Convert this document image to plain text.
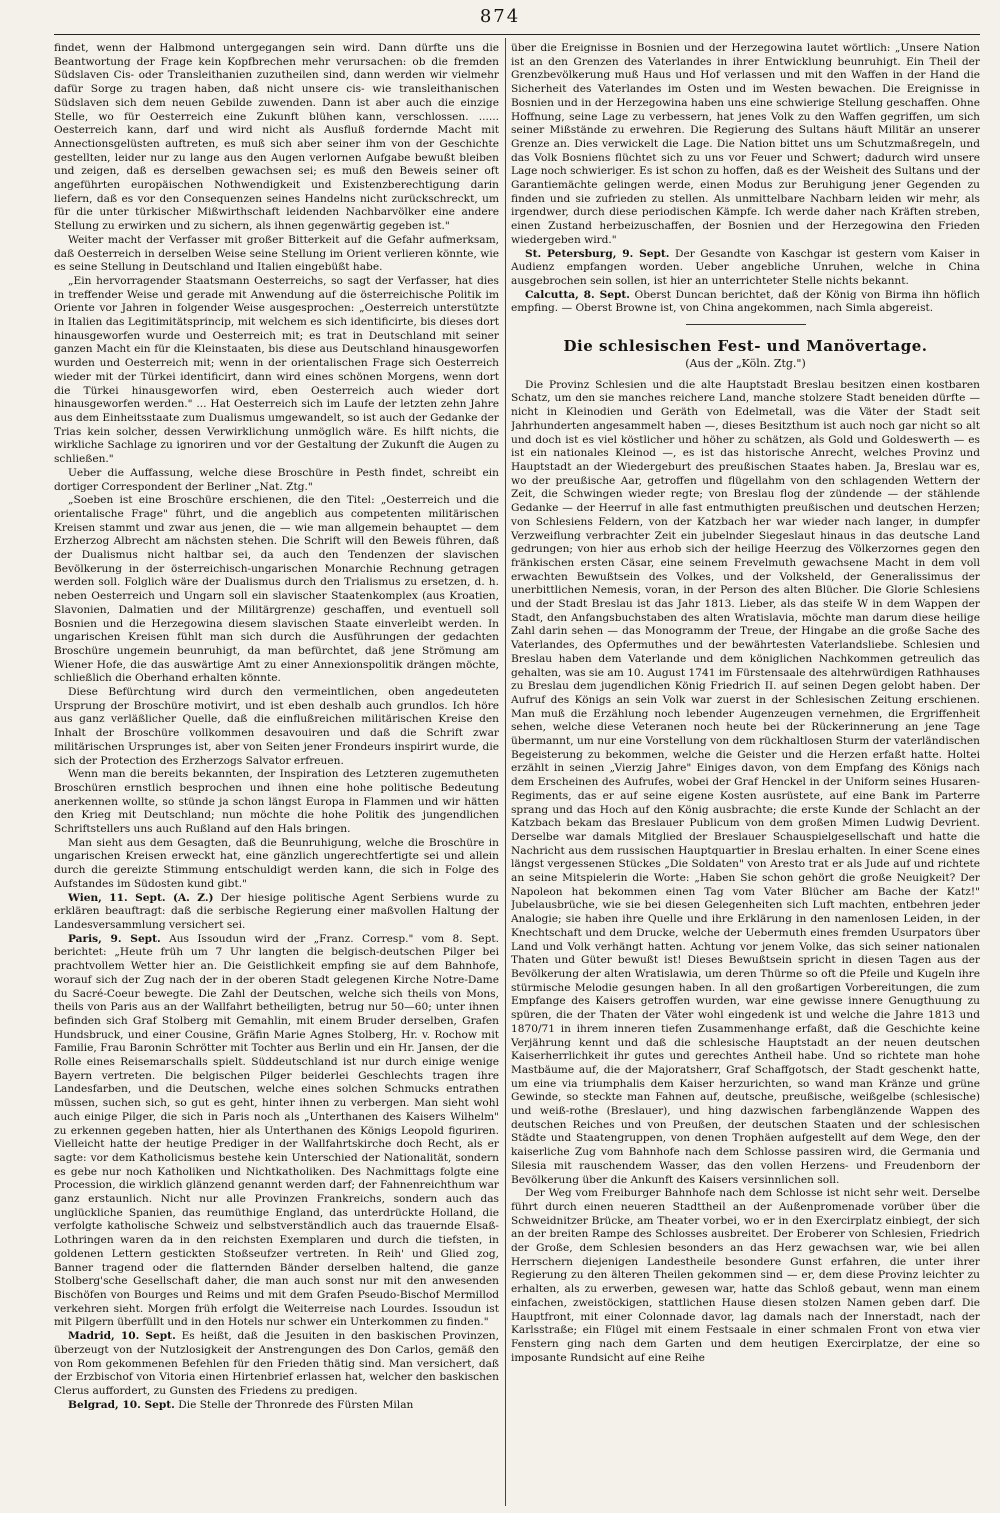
874

findet, wenn der Halbmond untergegangen sein wird. Dann dürfte uns die Beantwortung der Frage kein Kopfbrechen mehr verursachen: ob die fremden Südslaven Cis- oder Transleithanien zuzutheilen sind, dann werden wir vielmehr dafür Sorge zu tragen haben, daß nicht unsere cis- wie transleithanischen Südslaven sich dem neuen Gebilde zuwenden. Dann ist aber auch die einzige Stelle, wo für Oesterreich eine Zukunft blühen kann, verschlossen. ...... Oesterreich kann, darf und wird nicht als Ausfluß fordernde Macht mit Annectionsgelüsten auftreten, es muß sich aber seiner ihm von der Geschichte gestellten, leider nur zu lange aus den Augen verlornen Aufgabe bewußt bleiben und zeigen, daß es derselben gewachsen sei; es muß den Beweis seiner oft angeführten europäischen Nothwendigkeit und Existenzberechtigung darin liefern, daß es vor den Consequenzen seines Handelns nicht zurückschreckt, um für die unter türkischer Mißwirthschaft leidenden Nachbarvölker eine andere Stellung zu erwirken und zu sichern, als ihnen gegenwärtig gegeben ist."

Weiter macht der Verfasser mit großer Bitterkeit auf die Gefahr aufmerksam, daß Oesterreich in derselben Weise seine Stellung im Orient verlieren könnte, wie es seine Stellung in Deutschland und Italien eingebüßt habe.

„Ein hervorragender Staatsmann Oesterreichs, so sagt der Verfasser, hat dies in treffender Weise und gerade mit Anwendung auf die österreichische Politik im Oriente vor Jahren in folgender Weise ausgesprochen: „Oesterreich unterstützte in Italien das Legitimitätsprincip, mit welchem es sich identificirte, bis dieses dort hinausgeworfen wurde und Oesterreich mit; es trat in Deutschland mit seiner ganzen Macht ein für die Kleinstaaten, bis diese aus Deutschland hinausgeworfen wurden und Oesterreich mit; wenn in der orientalischen Frage sich Oesterreich wieder mit der Türkei identificirt, dann wird eines schönen Morgens, wenn dort die Türkei hinausgeworfen wird, eben Oesterreich auch wieder dort hinausgeworfen werden." ... Hat Oesterreich sich im Laufe der letzten zehn Jahre aus dem Einheitsstaate zum Dualismus umgewandelt, so ist auch der Gedanke der Trias kein solcher, dessen Verwirklichung unmöglich wäre. Es hilft nichts, die wirkliche Sachlage zu ignoriren und vor der Gestaltung der Zukunft die Augen zu schließen."

Ueber die Auffassung, welche diese Broschüre in Pesth findet, schreibt ein dortiger Correspondent der Berliner „Nat. Ztg."

„Soeben ist eine Broschüre erschienen, die den Titel: „Oesterreich und die orientalische Frage" führt, und die angeblich aus competenten militärischen Kreisen stammt und zwar aus jenen, die — wie man allgemein behauptet — dem Erzherzog Albrecht am nächsten stehen. Die Schrift will den Beweis führen, daß der Dualismus nicht haltbar sei, da auch den Tendenzen der slavischen Bevölkerung in der österreichisch-ungarischen Monarchie Rechnung getragen werden soll. Folglich wäre der Dualismus durch den Trialismus zu ersetzen, d. h. neben Oesterreich und Ungarn soll ein slavischer Staatenkomplex (aus Kroatien, Slavonien, Dalmatien und der Militärgrenze) geschaffen, und eventuell soll Bosnien und die Herzegowina diesem slavischen Staate einverleibt werden. In ungarischen Kreisen fühlt man sich durch die Ausführungen der gedachten Broschüre ungemein beunruhigt, da man befürchtet, daß jene Strömung am Wiener Hofe, die das auswärtige Amt zu einer Annexionspolitik drängen möchte, schließlich die Oberhand erhalten könnte.

Diese Befürchtung wird durch den vermeintlichen, oben angedeuteten Ursprung der Broschüre motivirt, und ist eben deshalb auch grundlos. Ich höre aus ganz verläßlicher Quelle, daß die einflußreichen militärischen Kreise den Inhalt der Broschüre vollkommen desavouiren und daß die Schrift zwar militärischen Ursprunges ist, aber von Seiten jener Frondeurs inspirirt wurde, die sich der Protection des Erzherzogs Salvator erfreuen.

Wenn man die bereits bekannten, der Inspiration des Letzteren zugemutheten Broschüren ernstlich besprochen und ihnen eine hohe politische Bedeutung anerkennen wollte, so stünde ja schon längst Europa in Flammen und wir hätten den Krieg mit Deutschland; nun möchte die hohe Politik des jungendlichen Schriftstellers uns auch Rußland auf den Hals bringen.

Man sieht aus dem Gesagten, daß die Beunruhigung, welche die Broschüre in ungarischen Kreisen erweckt hat, eine gänzlich ungerechtfertigte sei und allein durch die gereizte Stimmung entschuldigt werden kann, die sich in Folge des Aufstandes im Südosten kund gibt."

Wien, 11. Sept. (A. Z.) Der hiesige politische Agent Serbiens wurde zu erklären beauftragt: daß die serbische Regierung einer maßvollen Haltung der Landesversammlung versichert sei.

Paris, 9. Sept. Aus Issoudun wird der „Franz. Corresp." vom 8. Sept. berichtet: „Heute früh um 7 Uhr langten die belgisch-deutschen Pilger bei prachtvollem Wetter hier an. Die Geistlichkeit empfing sie auf dem Bahnhofe, worauf sich der Zug nach der in der oberen Stadt gelegenen Kirche Notre-Dame du Sacré-Coeur bewegte. Die Zahl der Deutschen, welche sich theils von Mons, theils von Paris aus an der Wallfahrt betheiligten, betrug nur 50—60; unter ihnen befinden sich Graf Stolberg mit Gemahlin, mit einem Bruder derselben, Grafen Hundsbruck, und einer Cousine, Gräfin Marie Agnes Stolberg, Hr. v. Rochow mit Familie, Frau Baronin Schrötter mit Tochter aus Berlin und ein Hr. Jansen, der die Rolle eines Reisemarschalls spielt. Süddeutschland ist nur durch einige wenige Bayern vertreten. Die belgischen Pilger beiderlei Geschlechts tragen ihre Landesfarben, und die Deutschen, welche eines solchen Schmucks entrathen müssen, suchen sich, so gut es geht, hinter ihnen zu verbergen. Man sieht wohl auch einige Pilger, die sich in Paris noch als „Unterthanen des Kaisers Wilhelm" zu erkennen gegeben hatten, hier als Unterthanen des Königs Leopold figuriren. Vielleicht hatte der heutige Prediger in der Wallfahrtskirche doch Recht, als er sagte: vor dem Katholicismus bestehe kein Unterschied der Nationalität, sondern es gebe nur noch Katholiken und Nichtkatholiken. Des Nachmittags folgte eine Procession, die wirklich glänzend genannt werden darf; der Fahnenreichthum war ganz erstaunlich. Nicht nur alle Provinzen Frankreichs, sondern auch das unglückliche Spanien, das reumüthige England, das unterdrückte Holland, die verfolgte katholische Schweiz und selbstverständlich auch das trauernde Elsaß-Lothringen waren da in den reichsten Exemplaren und durch die tiefsten, in goldenen Lettern gestickten Stoßseufzer vertreten. In Reih' und Glied zog, Banner tragend oder die flatternden Bänder derselben haltend, die ganze Stolberg'sche Gesellschaft daher, die man auch sonst nur mit den anwesenden Bischöfen von Bourges und Reims und mit dem Grafen Pseudo-Bischof Mermillod verkehren sieht. Morgen früh erfolgt die Weiterreise nach Lourdes. Issoudun ist mit Pilgern überfüllt und in den Hotels nur schwer ein Unterkommen zu finden."

Madrid, 10. Sept. Es heißt, daß die Jesuiten in den baskischen Provinzen, überzeugt von der Nutzlosigkeit der Anstrengungen des Don Carlos, gemäß den von Rom gekommenen Befehlen für den Frieden thätig sind. Man versichert, daß der Erzbischof von Vitoria einen Hirtenbrief erlassen hat, welcher den baskischen Clerus auffordert, zu Gunsten des Friedens zu predigen.

Belgrad, 10. Sept. Die Stelle der Thronrede des Fürsten Milan

über die Ereignisse in Bosnien und der Herzegowina lautet wörtlich: „Unsere Nation ist an den Grenzen des Vaterlandes in ihrer Entwicklung beunruhigt. Ein Theil der Grenzbevölkerung muß Haus und Hof verlassen und mit den Waffen in der Hand die Sicherheit des Vaterlandes im Osten und im Westen bewachen. Die Ereignisse in Bosnien und in der Herzegowina haben uns eine schwierige Stellung geschaffen. Ohne Hoffnung, seine Lage zu verbessern, hat jenes Volk zu den Waffen gegriffen, um sich seiner Mißstände zu erwehren. Die Regierung des Sultans häuft Militär an unserer Grenze an. Dies verwickelt die Lage. Die Nation bittet uns um Schutzmaßregeln, und das Volk Bosniens flüchtet sich zu uns vor Feuer und Schwert; dadurch wird unsere Lage noch schwieriger. Es ist schon zu hoffen, daß es der Weisheit des Sultans und der Garantiemächte gelingen werde, einen Modus zur Beruhigung jener Gegenden zu finden und sie zufrieden zu stellen. Als unmittelbare Nachbarn leiden wir mehr, als irgendwer, durch diese periodischen Kämpfe. Ich werde daher nach Kräften streben, einen Zustand herbeizuschaffen, der Bosnien und der Herzegowina den Frieden wiedergeben wird."

St. Petersburg, 9. Sept. Der Gesandte von Kaschgar ist gestern vom Kaiser in Audienz empfangen worden. Ueber angebliche Unruhen, welche in China ausgebrochen sein sollen, ist hier an unterrichteter Stelle nichts bekannt.

Calcutta, 8. Sept. Oberst Duncan berichtet, daß der König von Birma ihn höflich empfing. — Oberst Browne ist, von China angekommen, nach Simla abgereist.

Die schlesischen Fest- und Manövertage.
(Aus der „Köln. Ztg.")

Die Provinz Schlesien und die alte Hauptstadt Breslau besitzen einen kostbaren Schatz, um den sie manches reichere Land, manche stolzere Stadt beneiden dürfte — nicht in Kleinodien und Geräth von Edelmetall, was die Väter der Stadt seit Jahrhunderten angesammelt haben —, dieses Besitzthum ist auch noch gar nicht so alt und doch ist es viel köstlicher und höher zu schätzen, als Gold und Goldeswerth — es ist ein nationales Kleinod —, es ist das historische Anrecht, welches Provinz und Hauptstadt an der Wiedergeburt des preußischen Staates haben. Ja, Breslau war es, wo der preußische Aar, getroffen und flügellahm von den schlagenden Wettern der Zeit, die Schwingen wieder regte; von Breslau flog der zündende — der stählende Gedanke — der Heerruf in alle fast entmuthigten preußischen und deutschen Herzen; von Schlesiens Feldern, von der Katzbach her war wieder nach langer, in dumpfer Verzweiflung verbrachter Zeit ein jubelnder Siegeslaut hinaus in das deutsche Land gedrungen; von hier aus erhob sich der heilige Heerzug des Völkerzornes gegen den fränkischen ersten Cäsar, eine seinem Frevelmuth gewachsene Macht in dem voll erwachten Bewußtsein des Volkes, und der Volksheld, der Generalissimus der unerbittlichen Nemesis, voran, in der Person des alten Blücher. Die Glorie Schlesiens und der Stadt Breslau ist das Jahr 1813. Lieber, als das steife W in dem Wappen der Stadt, den Anfangsbuchstaben des alten Wratislavia, möchte man darum diese heilige Zahl darin sehen — das Monogramm der Treue, der Hingabe an die große Sache des Vaterlandes, des Opfermuthes und der bewährtesten Vaterlandsliebe. Schlesien und Breslau haben dem Vaterlande und dem königlichen Nachkommen getreulich das gehalten, was sie am 10. August 1741 im Fürstensaale des altehrwürdigen Rathhauses zu Breslau dem jugendlichen König Friedrich II. auf seinen Degen gelobt haben. Der Aufruf des Königs an sein Volk war zuerst in der Schlesischen Zeitung erschienen. Man muß die Erzählung noch lebender Augenzeugen vernehmen, die Ergriffenheit sehen, welche diese Veteranen noch heute bei der Rückerinnerung an jene Tage übermannt, um nur eine Vorstellung von dem rückhaltlosen Sturm der vaterländischen Begeisterung zu bekommen, welche die Geister und die Herzen erfaßt hatte. Holtei erzählt in seinen „Vierzig Jahre" Einiges davon, von dem Empfang des Königs nach dem Erscheinen des Aufrufes, wobei der Graf Henckel in der Uniform seines Husaren-Regiments, das er auf seine eigene Kosten ausrüstete, auf eine Bank im Parterre sprang und das Hoch auf den König ausbrachte; die erste Kunde der Schlacht an der Katzbach bekam das Breslauer Publicum von dem großen Mimen Ludwig Devrient. Derselbe war damals Mitglied der Breslauer Schauspielgesellschaft und hatte die Nachricht aus dem russischen Hauptquartier in Breslau erhalten. In einer Scene eines längst vergessenen Stückes „Die Soldaten" von Aresto trat er als Jude auf und richtete an seine Mitspielerin die Worte: „Haben Sie schon gehört die große Neuigkeit? Der Napoleon hat bekommen einen Tag vom Vater Blücher am Bache der Katz!" Jubelausbrüche, wie sie bei diesen Gelegenheiten sich Luft machten, entbehren jeder Analogie; sie haben ihre Quelle und ihre Erklärung in den namenlosen Leiden, in der Knechtschaft und dem Drucke, welche der Uebermuth eines fremden Usurpators über Land und Volk verhängt hatten. Achtung vor jenem Volke, das sich seiner nationalen Thaten und Güter bewußt ist! Dieses Bewußtsein spricht in diesen Tagen aus der Bevölkerung der alten Wratislawia, um deren Thürme so oft die Pfeile und Kugeln ihre stürmische Melodie gesungen haben. In all den großartigen Vorbereitungen, die zum Empfange des Kaisers getroffen wurden, war eine gewisse innere Genugthuung zu spüren, die der Thaten der Väter wohl eingedenk ist und welche die Jahre 1813 und 1870/71 in ihrem inneren tiefen Zusammenhange erfaßt, daß die Geschichte keine Verjährung kennt und daß die schlesische Hauptstadt an der neuen deutschen Kaiserherrlichkeit ihr gutes und gerechtes Antheil habe. Und so richtete man hohe Mastbäume auf, die der Majoratsherr, Graf Schaffgotsch, der Stadt geschenkt hatte, um eine via triumphalis dem Kaiser herzurichten, so wand man Kränze und grüne Gewinde, so steckte man Fahnen auf, deutsche, preußische, weißgelbe (schlesische) und weiß-rothe (Breslauer), und hing dazwischen farbenglänzende Wappen des deutschen Reiches und von Preußen, der deutschen Staaten und der schlesischen Städte und Staatengruppen, von denen Trophäen aufgestellt auf dem Wege, den der kaiserliche Zug vom Bahnhofe nach dem Schlosse passiren wird, die Germania und Silesia mit rauschendem Wasser, das den vollen Herzens- und Freudenborn der Bevölkerung über die Ankunft des Kaisers versinnlichen soll.

Der Weg vom Freiburger Bahnhofe nach dem Schlosse ist nicht sehr weit. Derselbe führt durch einen neueren Stadttheil an der Außenpromenade vorüber über die Schweidnitzer Brücke, am Theater vorbei, wo er in den Exercirplatz einbiegt, der sich an der breiten Rampe des Schlosses ausbreitet. Der Eroberer von Schlesien, Friedrich der Große, dem Schlesien besonders an das Herz gewachsen war, wie bei allen Herrschern diejenigen Landestheile besondere Gunst erfahren, die unter ihrer Regierung zu den älteren Theilen gekommen sind — er, dem diese Provinz leichter zu erhalten, als zu erwerben, gewesen war, hatte das Schloß gebaut, wenn man einem einfachen, zweistöckigen, stattlichen Hause diesen stolzen Namen geben darf. Die Hauptfront, mit einer Colonnade davor, lag damals nach der Innerstadt, nach der Karlsstraße; ein Flügel mit einem Festsaale in einer schmalen Front von etwa vier Fenstern ging nach dem Garten und dem heutigen Exercirplatze, der eine so imposante Rundsicht auf eine Reihe
